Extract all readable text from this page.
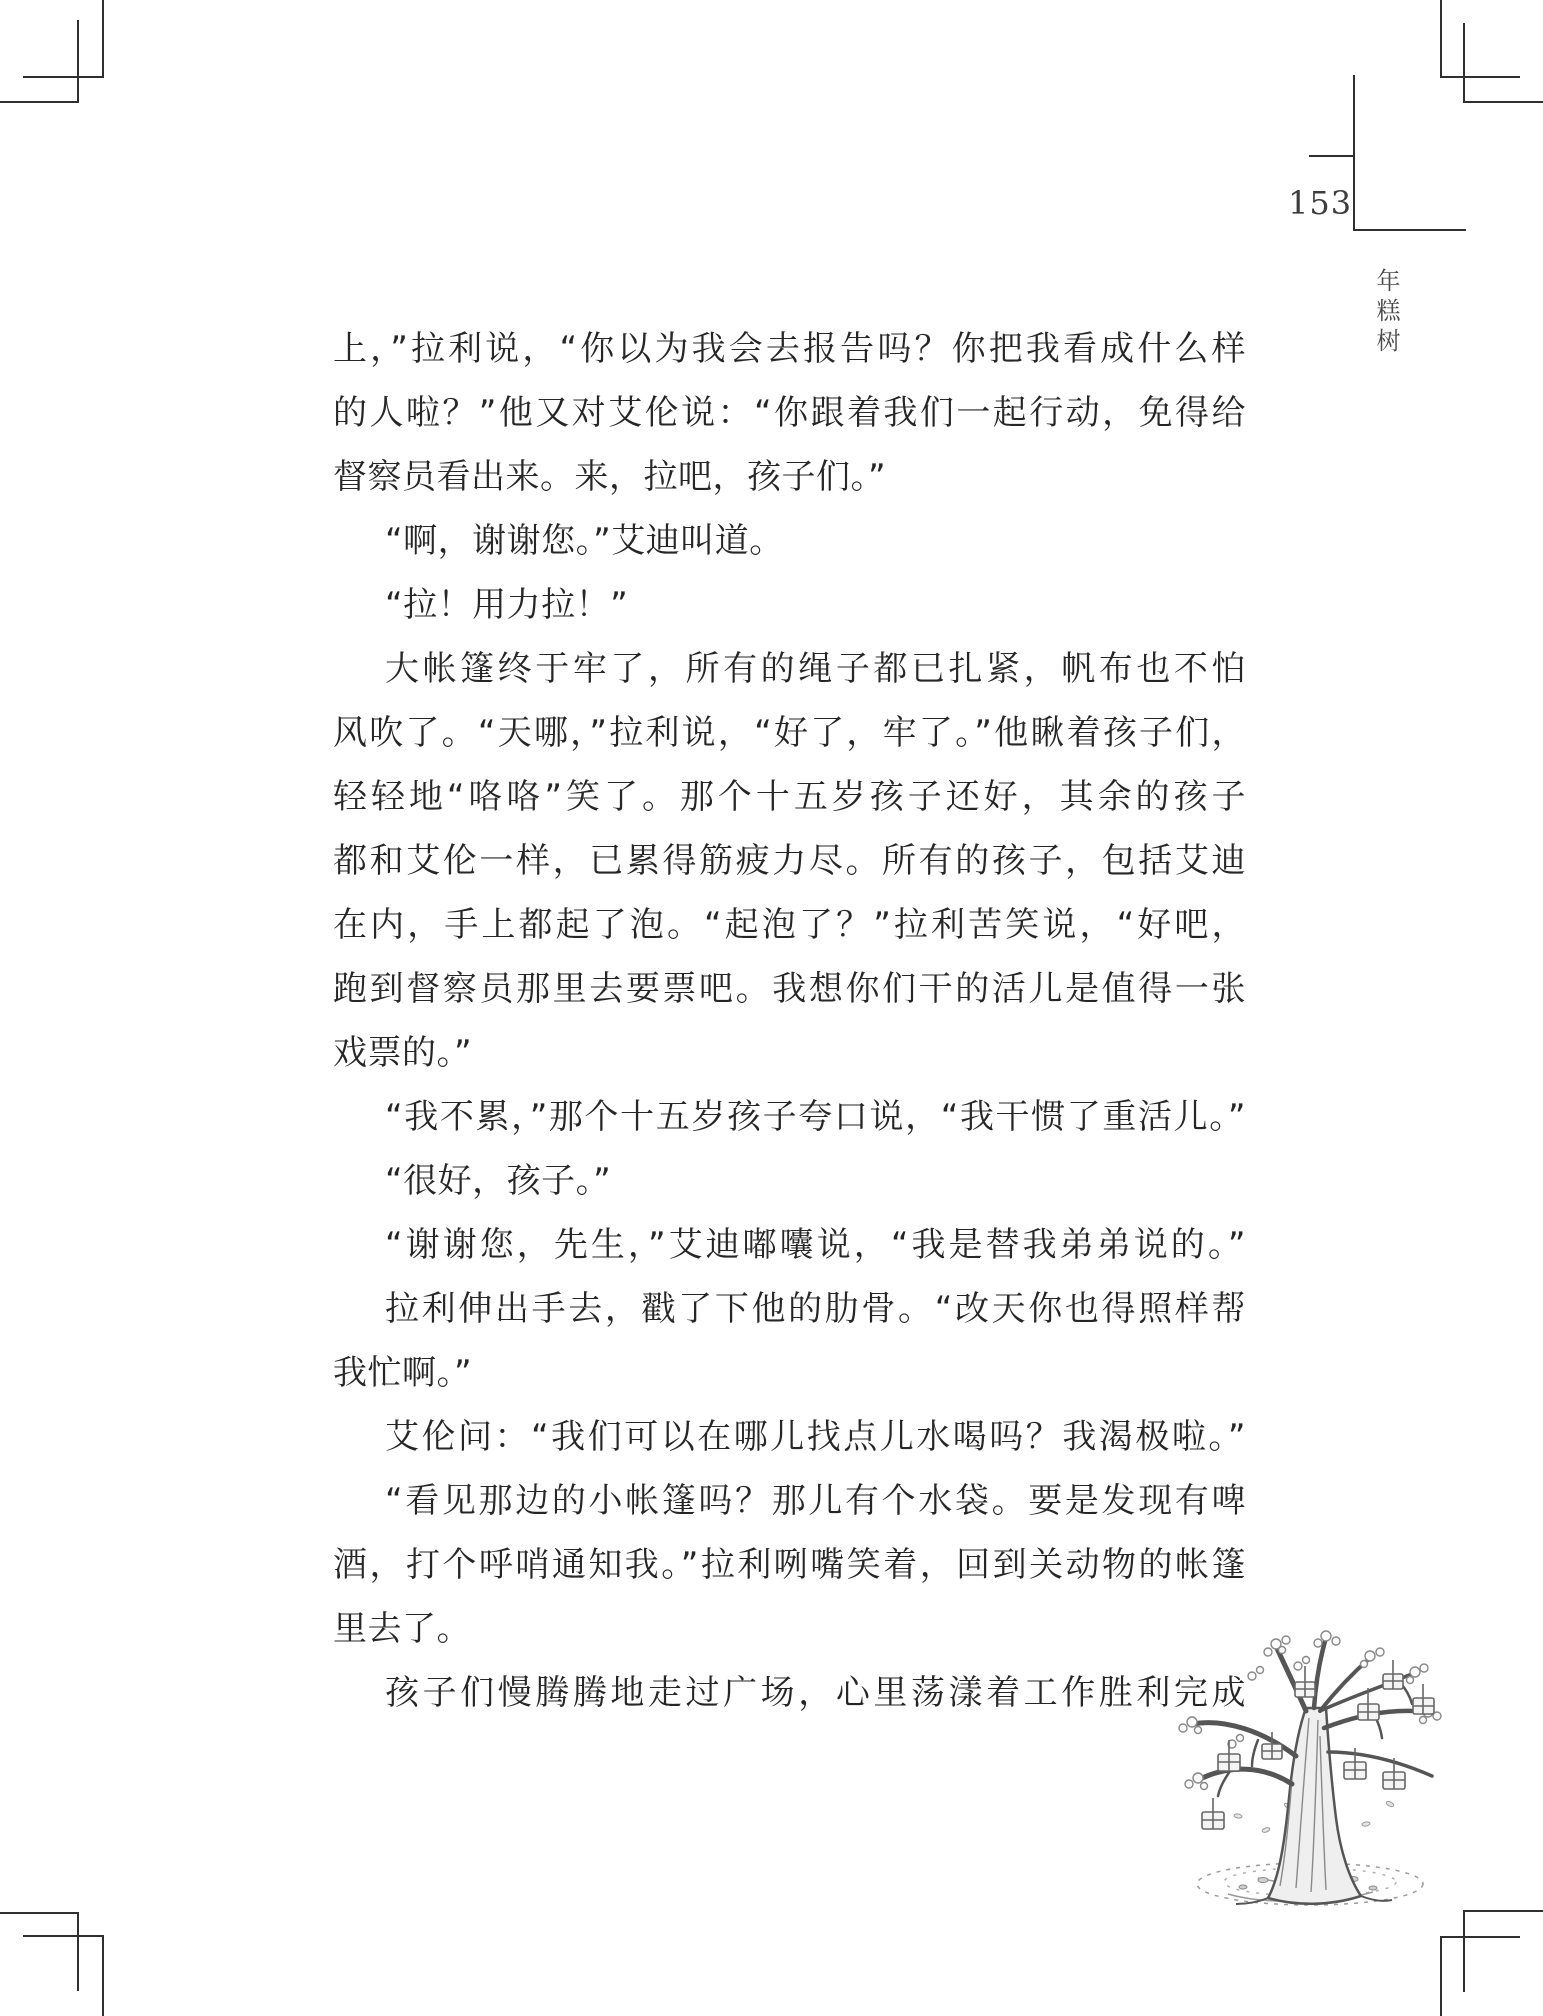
153
年糕树
上，”拉利说，“你以为我会去报告吗？你把我看成什么样
的人啦？”他又对艾伦说：“你跟着我们一起行动，免得给
督察员看出来。来，拉吧，孩子们。”
“啊，谢谢您。”艾迪叫道。
“拉！用力拉！”
大帐篷终于牢了，所有的绳子都已扎紧，帆布也不怕
风吹了。“天哪，”拉利说，“好了，牢了。”他瞅着孩子们，
轻轻地“咯咯”笑了。那个十五岁孩子还好，其余的孩子
都和艾伦一样，已累得筋疲力尽。所有的孩子，包括艾迪
在内，手上都起了泡。“起泡了？”拉利苦笑说，“好吧，
跑到督察员那里去要票吧。我想你们干的活儿是值得一张
戏票的。”
“我不累，”那个十五岁孩子夸口说，“我干惯了重活儿。”
“很好，孩子。”
“谢谢您，先生，”艾迪嘟囔说，“我是替我弟弟说的。”
拉利伸出手去，戳了下他的肋骨。“改天你也得照样帮
我忙啊。”
艾伦问：“我们可以在哪儿找点儿水喝吗？我渴极啦。”
“看见那边的小帐篷吗？那儿有个水袋。要是发现有啤
酒，打个呼哨通知我。”拉利咧嘴笑着，回到关动物的帐篷
里去了。
孩子们慢腾腾地走过广场，心里荡漾着工作胜利完成
